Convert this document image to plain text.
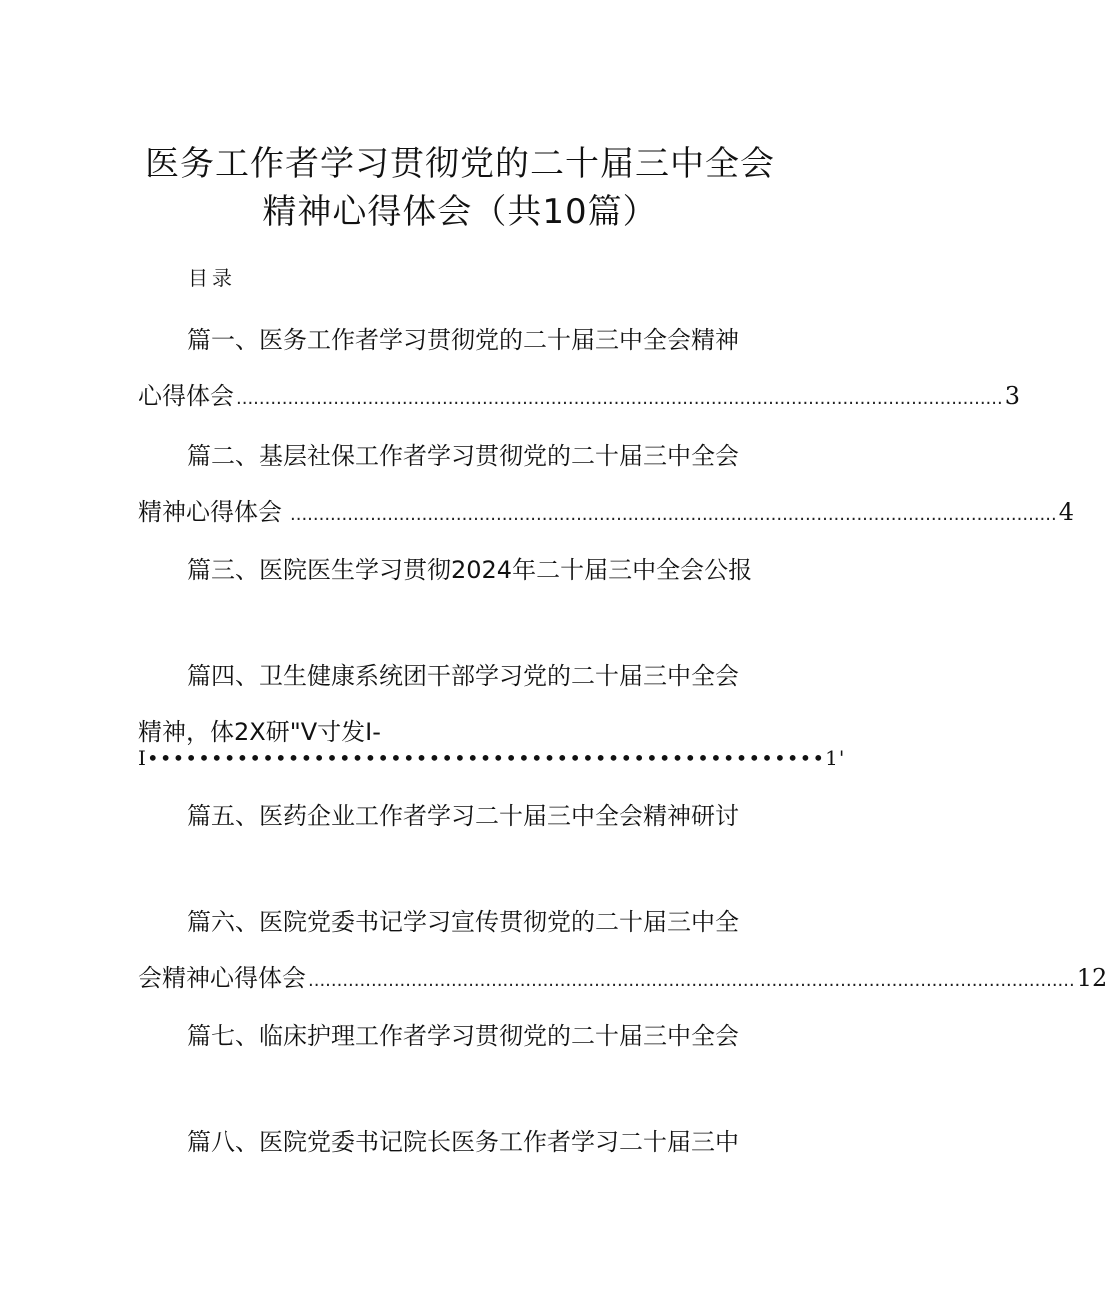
医务工作者学习贯彻党的二十届三中全会
精神心得体会（共10篇）
目录
篇一、医务工作者学习贯彻党的二十届三中全会精神
心得体会 ...................................................................................................................................... 3
篇二、基层社保工作者学习贯彻党的二十届三中全会
精神心得体会 ...................................................................................................................................... 4
篇三、医院医生学习贯彻2024年二十届三中全会公报
篇四、卫生健康系统团干部学习党的二十届三中全会
精神，体2X研"V寸发I-
I•••••••••••••••••••••••••••••••••••••••••••••••••••••1'
篇五、医药企业工作者学习二十届三中全会精神研讨
篇六、医院党委书记学习宣传贯彻党的二十届三中全
会精神心得体会 ...................................................................................................................................... 12
篇七、临床护理工作者学习贯彻党的二十届三中全会
篇八、医院党委书记院长医务工作者学习二十届三中
